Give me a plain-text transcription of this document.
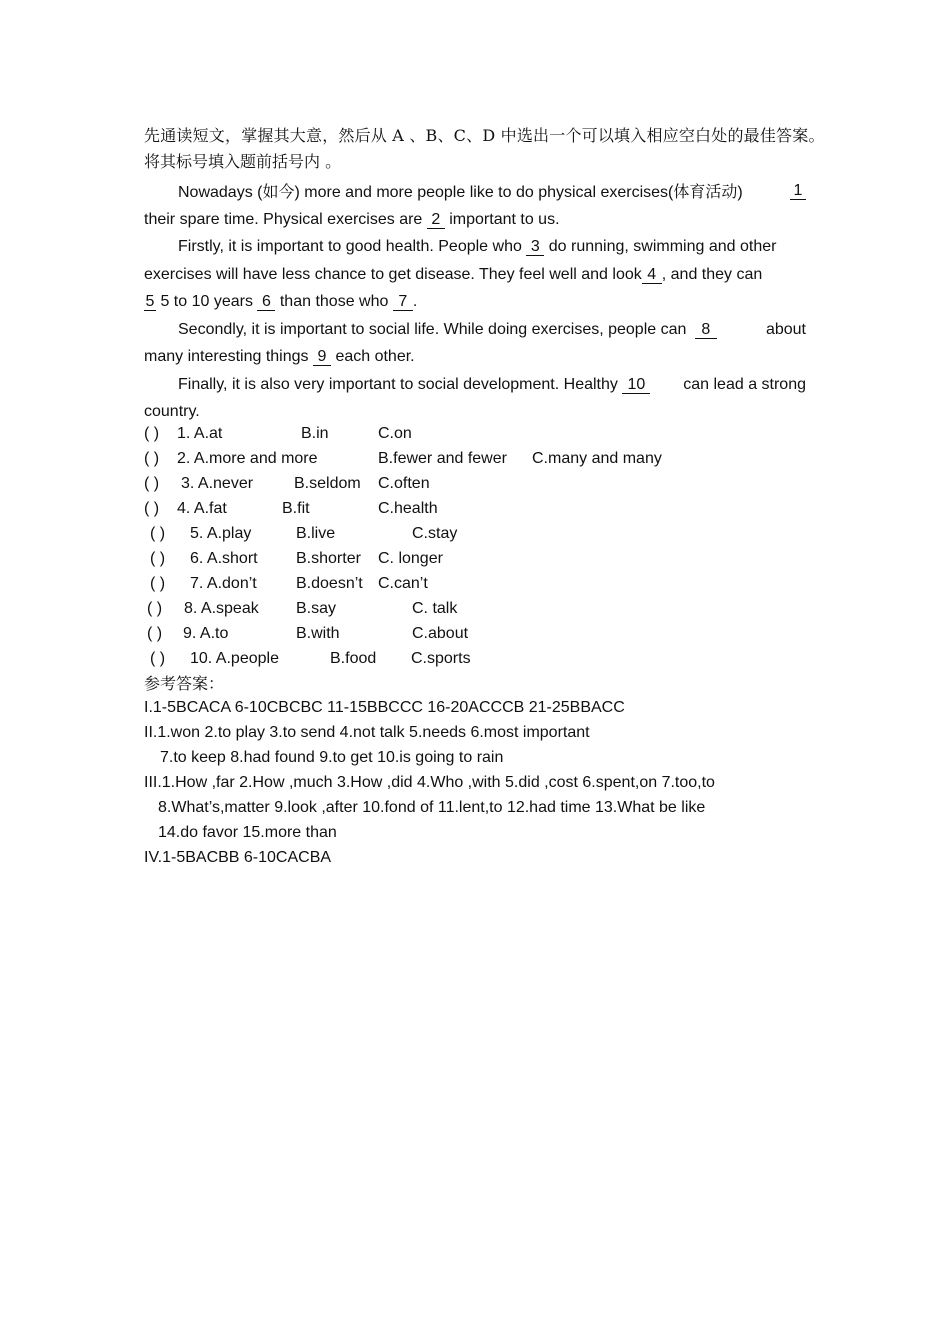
先通读短文，掌握其大意，然后从 A 、B、C、D 中选出一个可以填入相应空白处的最佳答案。
将其标号填入题前括号内 。
Nowadays (如今) more and more people like to do physical exercises(体育活动)	1
their spare time. Physical exercises are 2 important to us.
Firstly, it is important to good health. People who 3 do running, swimming and other
exercises will have less chance to get disease. They feel well and look 4 , and they can
5 5 to 10 years 6 than those who 7 .
Secondly, it is important to social life. While doing exercises, people can 8	about
many interesting things 9 each other.
Finally, it is also very important to social development. Healthy 10 can lead a strong
country.
( ) 1. A.at	B.in	C.on
( ) 2. A.more and more	B.fewer and fewer C.many and many
( ) 3. A.never	B.seldom C.often
( ) 4. A.fat	B.fit	C.health
( ) 5. A.play	B.live	C.stay
( ) 6. A.short B.shorter C. longer
( ) 7. A.don’t B.doesn’t C.can’t
( ) 8. A.speak B.say	C. talk
( ) 9. A.to	B.with	C.about
( ) 10. A.people	B.food C.sports
参考答案：
I.1-5BCACA 6-10CBCBC 11-15BBCCC 16-20ACCCB 21-25BBACC
II.1.won 2.to play 3.to send 4.not talk 5.needs 6.most important
7.to keep 8.had found 9.to get 10.is going to rain
III.1.How ,far 2.How ,much 3.How ,did 4.Who ,with 5.did ,cost 6.spent,on 7.too,to
8.What’s,matter 9.look ,after 10.fond of 11.lent,to 12.had time 13.What be like
14.do favor 15.more than
IV.1-5BACBB 6-10CACBA
